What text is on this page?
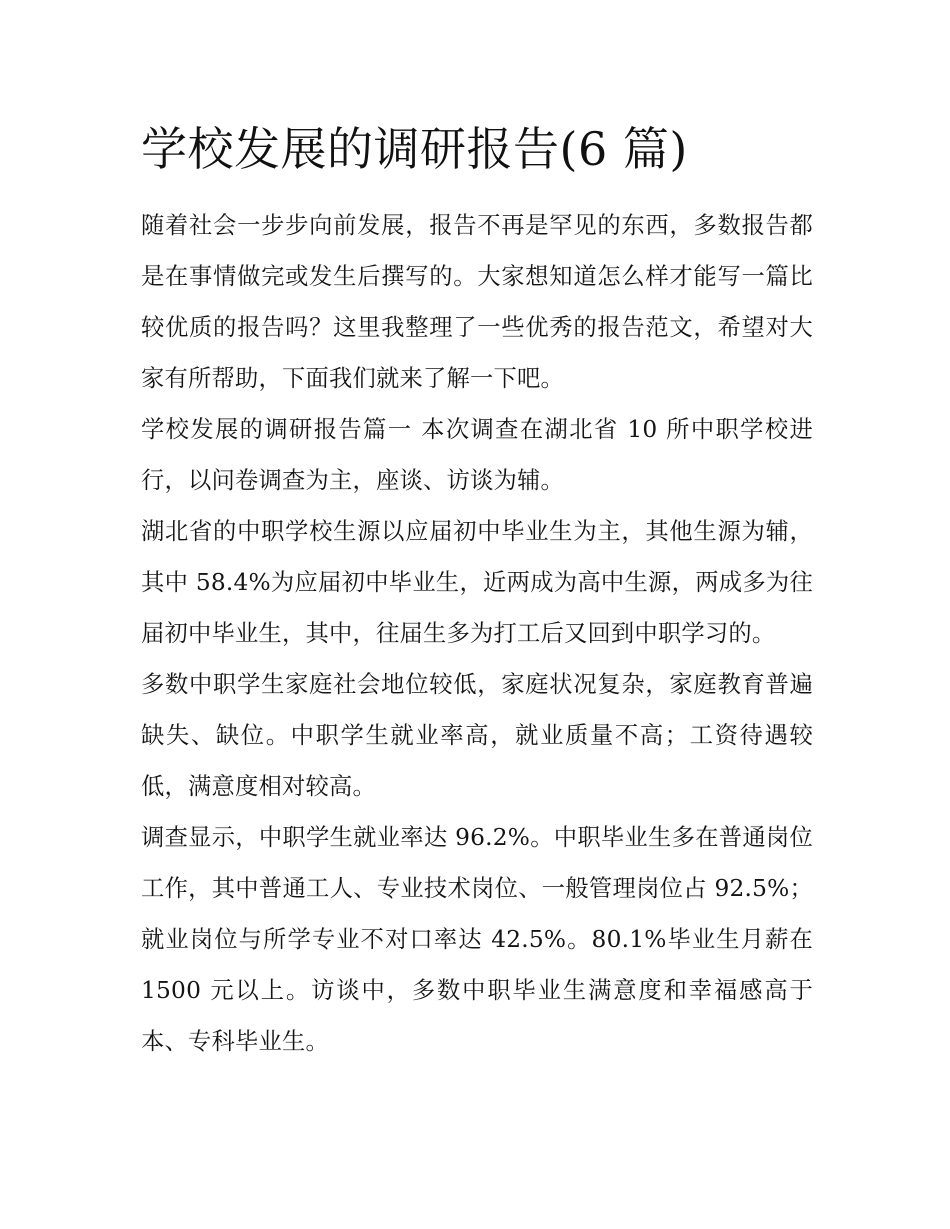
学校发展的调研报告(6 篇)

随着社会一步步向前发展，报告不再是罕见的东西，多数报告都是在事情做完或发生后撰写的。大家想知道怎么样才能写一篇比较优质的报告吗？这里我整理了一些优秀的报告范文，希望对大家有所帮助，下面我们就来了解一下吧。

学校发展的调研报告篇一 本次调查在湖北省 10 所中职学校进行，以问卷调查为主，座谈、访谈为辅。

湖北省的中职学校生源以应届初中毕业生为主，其他生源为辅，其中 58.4%为应届初中毕业生，近两成为高中生源，两成多为往届初中毕业生，其中，往届生多为打工后又回到中职学习的。

多数中职学生家庭社会地位较低，家庭状况复杂，家庭教育普遍缺失、缺位。中职学生就业率高，就业质量不高；工资待遇较低，满意度相对较高。

调查显示，中职学生就业率达 96.2%。中职毕业生多在普通岗位工作，其中普通工人、专业技术岗位、一般管理岗位占 92.5%；就业岗位与所学专业不对口率达 42.5%。80.1%毕业生月薪在 1500 元以上。访谈中，多数中职毕业生满意度和幸福感高于本、专科毕业生。
